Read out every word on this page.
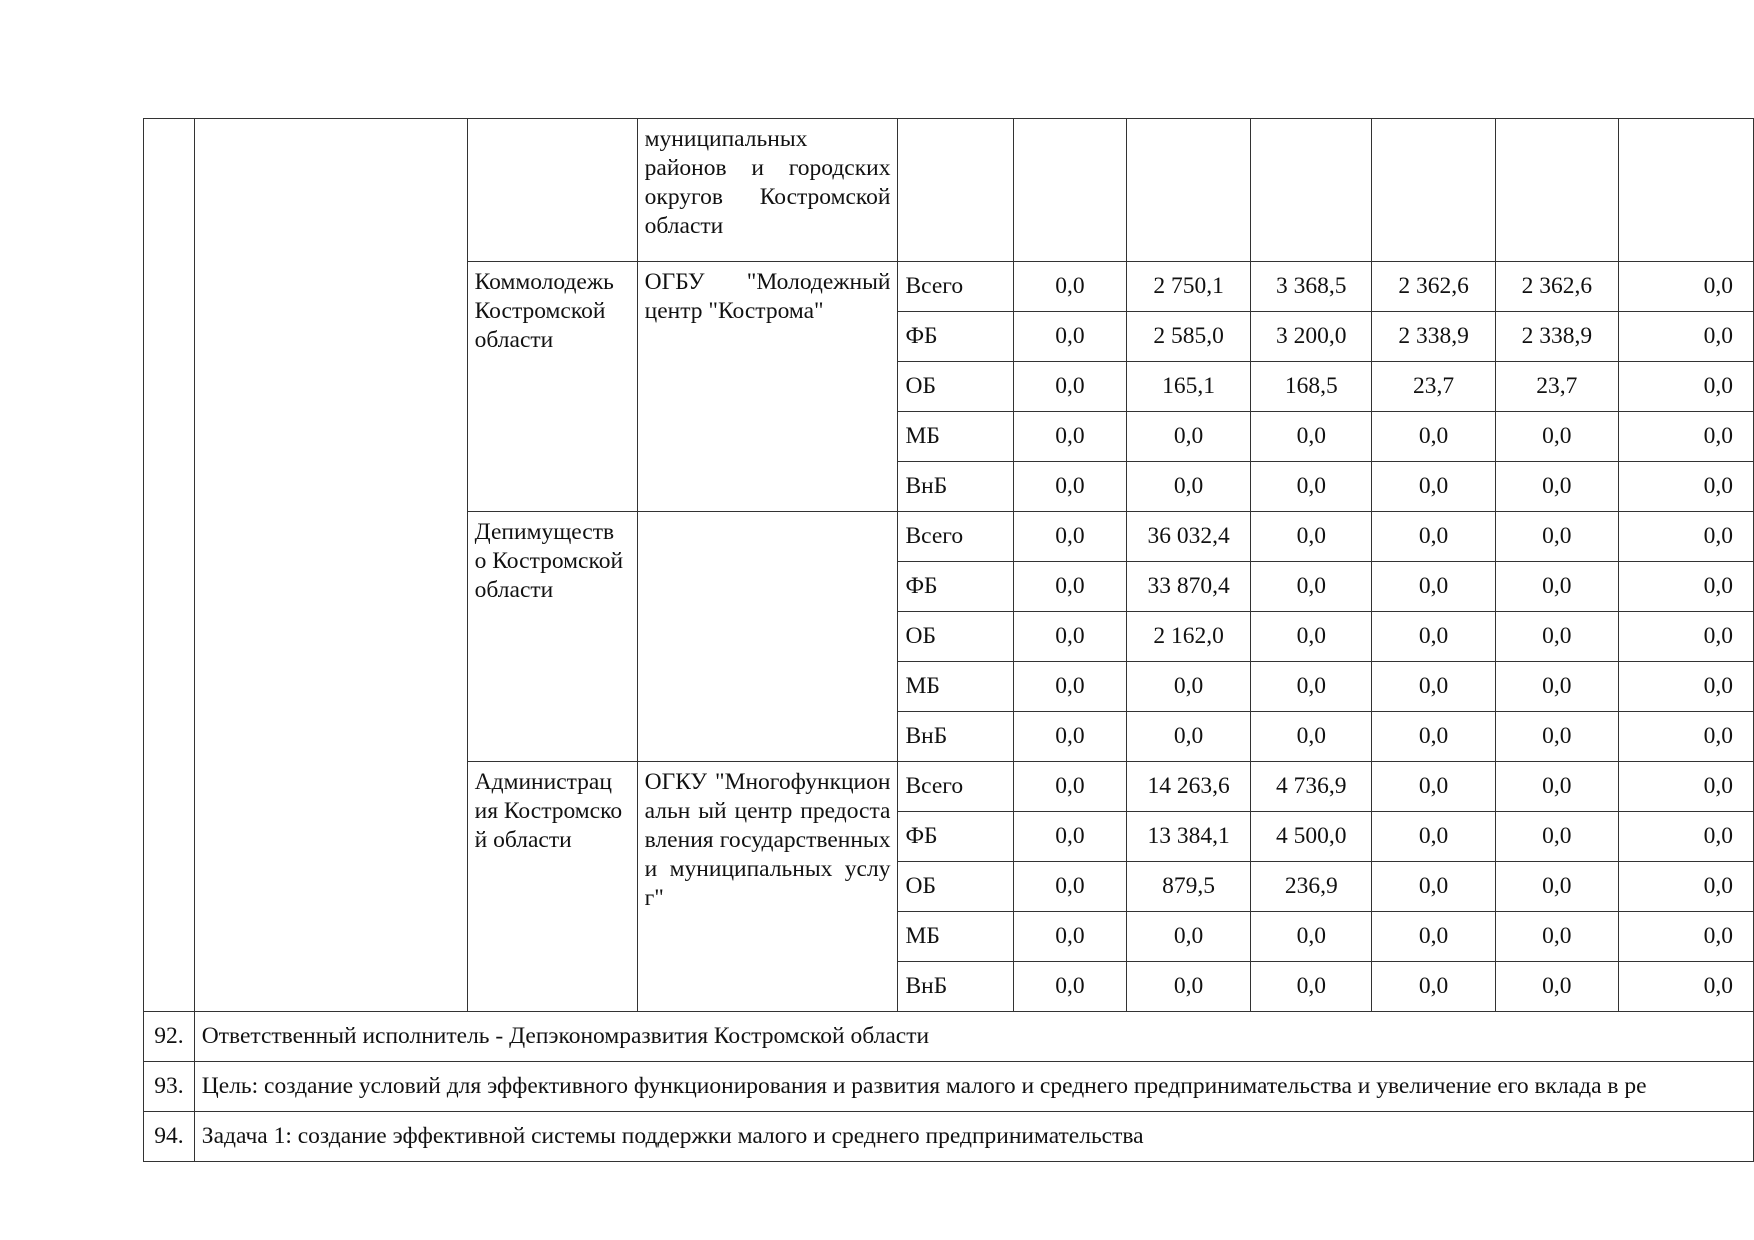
			муниципальных районов и городских округов Костромской области							
		Коммолодежь Костромской области	ОГБУ "Молодежный центр "Кострома"	Всего	0,0	2 750,1	3 368,5	2 362,6	2 362,6	0,0
				ФБ	0,0	2 585,0	3 200,0	2 338,9	2 338,9	0,0
				ОБ	0,0	165,1	168,5	23,7	23,7	0,0
				МБ	0,0	0,0	0,0	0,0	0,0	0,0
				ВнБ	0,0	0,0	0,0	0,0	0,0	0,0
		Депимуществ о Костромской области		Всего	0,0	36 032,4	0,0	0,0	0,0	0,0
				ФБ	0,0	33 870,4	0,0	0,0	0,0	0,0
				ОБ	0,0	2 162,0	0,0	0,0	0,0	0,0
				МБ	0,0	0,0	0,0	0,0	0,0	0,0
				ВнБ	0,0	0,0	0,0	0,0	0,0	0,0
		Администрац ия Костромской области	ОГКУ "Многофункциональн ый центр предоставления государственных и муниципальных услуг"	Всего	0,0	14 263,6	4 736,9	0,0	0,0	0,0
				ФБ	0,0	13 384,1	4 500,0	0,0	0,0	0,0
				ОБ	0,0	879,5	236,9	0,0	0,0	0,0
				МБ	0,0	0,0	0,0	0,0	0,0	0,0
				ВнБ	0,0	0,0	0,0	0,0	0,0	0,0
92.	Ответственный исполнитель - Депэкономразвития Костромской области									
93.	Цель: создание условий для эффективного функционирования и развития малого и среднего предпринимательства и увеличение его вклада в ре									
94.	Задача 1: создание эффективной системы поддержки малого и среднего предпринимательства									
